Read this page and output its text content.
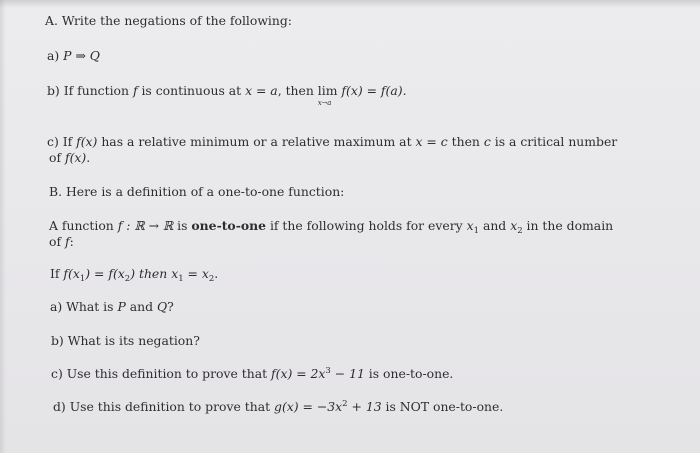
A. Write the negations of the following:
a) P ⇒ Q
b) If function f is continuous at x = a, then lim
x→a
f(x) = f(a).
c) If f(x) has a relative minimum or a relative maximum at x = c then c is a critical number
of f(x).
B. Here is a definition of a one-to-one function:
A function f : ℝ → ℝ is one-to-one if the following holds for every $x_1$ and $x_2$ in the domain
of f:
If $f(x_1) = f(x_2)$ then $x_1 = x_2$.
a) What is P and Q?
b) What is its negation?
c) Use this definition to prove that $f(x) = 2x^3 - 11$ is one-to-one.
d) Use this definition to prove that $g(x) = -3x^2 + 13$ is NOT one-to-one.
